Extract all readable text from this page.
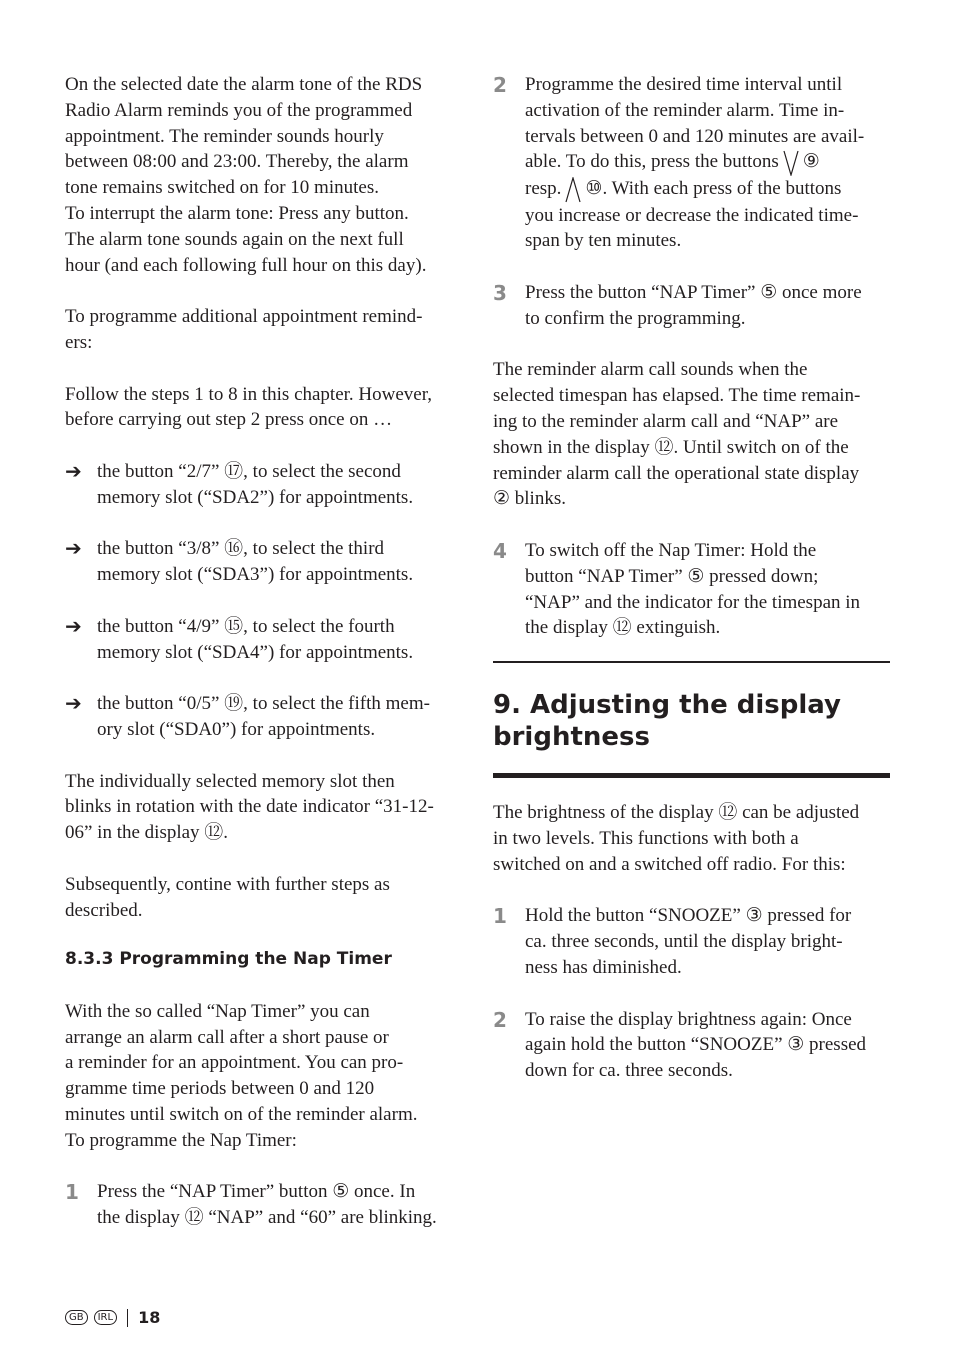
On the selected date the alarm tone of the RDS

Radio Alarm reminds you of the programmed

appointment. The reminder sounds hourly

between 08:00 and 23:00. Thereby, the alarm

tone remains switched on for 10 minutes.

To interrupt the alarm tone: Press any button.

The alarm tone sounds again on the next full

hour (and each following full hour on this day).

To programme additional appointment remind-

ers:

Follow the steps 1 to 8 in this chapter. However,

before carrying out step 2 press once on …

➔ the button “2/7” ⑰, to select the second

memory slot (“SDA2”) for appointments.

➔ the button “3/8” ⑯, to select the third

memory slot (“SDA3”) for appointments.

➔ the button “4/9” ⑮, to select the fourth

memory slot (“SDA4”) for appointments.

➔ the button “0/5” ⑲, to select the fifth mem-

ory slot (“SDA0”) for appointments.

The individually selected memory slot then

blinks in rotation with the date indicator “31-12-

06” in the display ⑫.

Subsequently, contine with further steps as

described.

8.3.3 Programming the Nap Timer

With the so called “Nap Timer” you can

arrange an alarm call after a short pause or

a reminder for an appointment. You can pro-

gramme time periods between 0 and 120

minutes until switch on of the reminder alarm.

To programme the Nap Timer:

1 Press the “NAP Timer” button ⑤ once. In

the display ⑫ “NAP” and “60” are blinking.

2 Programme the desired time interval until

activation of the reminder alarm. Time in-

tervals between 0 and 120 minutes are avail-

able. To do this, press the buttons ⑨

resp. ⑩. With each press of the buttons

you increase or decrease the indicated time-

span by ten minutes.

3 Press the button “NAP Timer” ⑤ once more

to confirm the programming.

The reminder alarm call sounds when the

selected timespan has elapsed. The time remain-

ing to the reminder alarm call and “NAP” are

shown in the display ⑫. Until switch on of the

reminder alarm call the operational state display

② blinks.

4 To switch off the Nap Timer: Hold the

button “NAP Timer” ⑤ pressed down;

“NAP” and the indicator for the timespan in

the display ⑫ extinguish.

9. Adjusting the display
brightness

The brightness of the display ⑫ can be adjusted

in two levels. This functions with both a

switched on and a switched off radio. For this:

1 Hold the button “SNOOZE” ③ pressed for

ca. three seconds, until the display bright-

ness has diminished.

2 To raise the display brightness again: Once

again hold the button “SNOOZE” ③ pressed

down for ca. three seconds.

GB	IRL 18
